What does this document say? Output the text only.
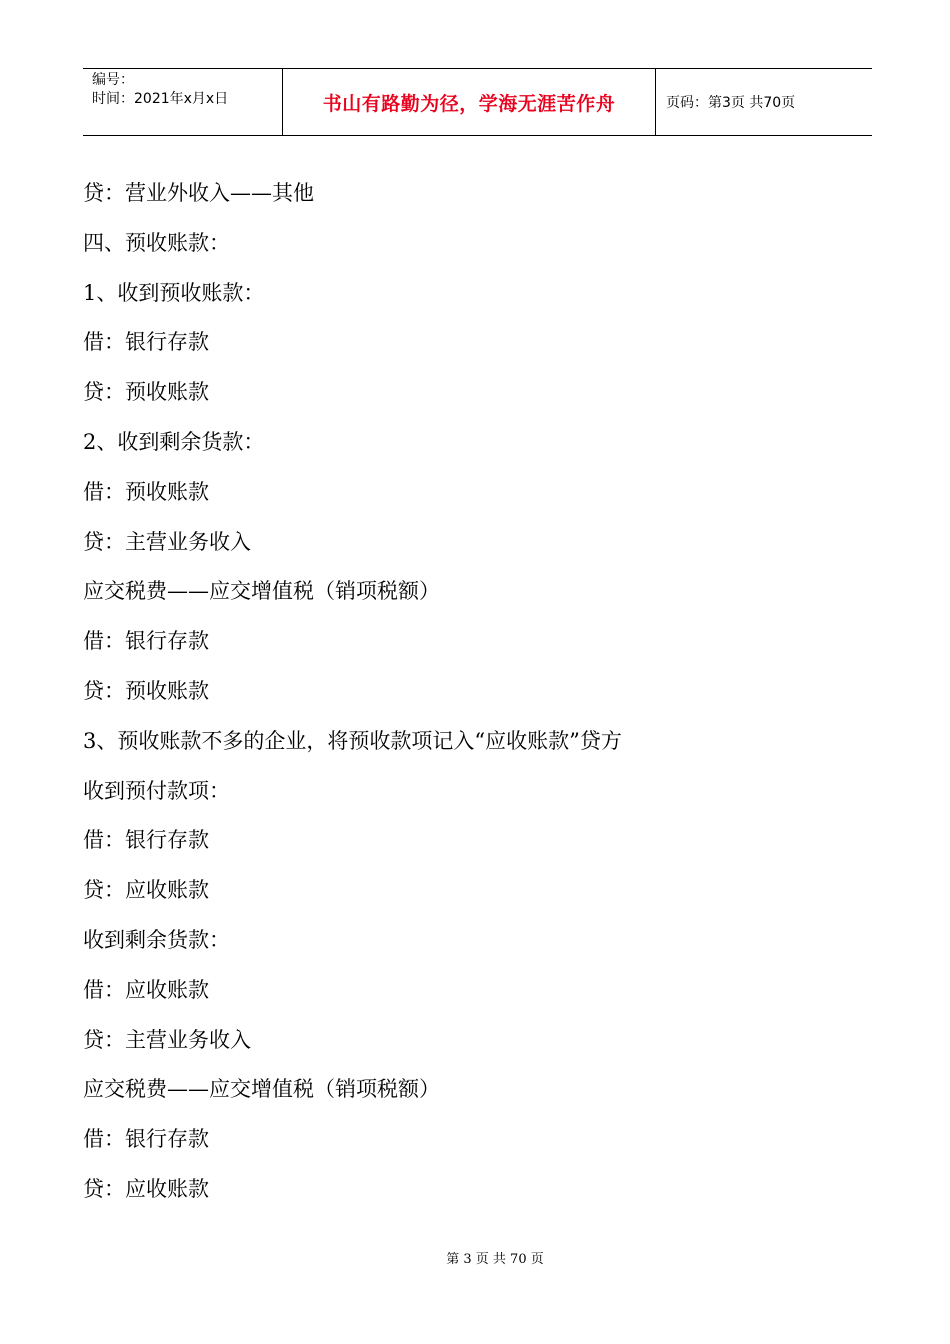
编号：
时间：2021年x月x日	书山有路勤为径，学海无涯苦作舟	页码：第3页 共70页
贷：营业外收入——其他
四、预收账款：
1、收到预收账款：
借：银行存款
贷：预收账款
2、收到剩余货款：
借：预收账款
贷：主营业务收入
应交税费——应交增值税（销项税额）
借：银行存款
贷：预收账款
3、预收账款不多的企业，将预收款项记入“应收账款”贷方
收到预付款项：
借：银行存款
贷：应收账款
收到剩余货款：
借：应收账款
贷：主营业务收入
应交税费——应交增值税（销项税额）
借：银行存款
贷：应收账款
第 3 页 共 70 页
